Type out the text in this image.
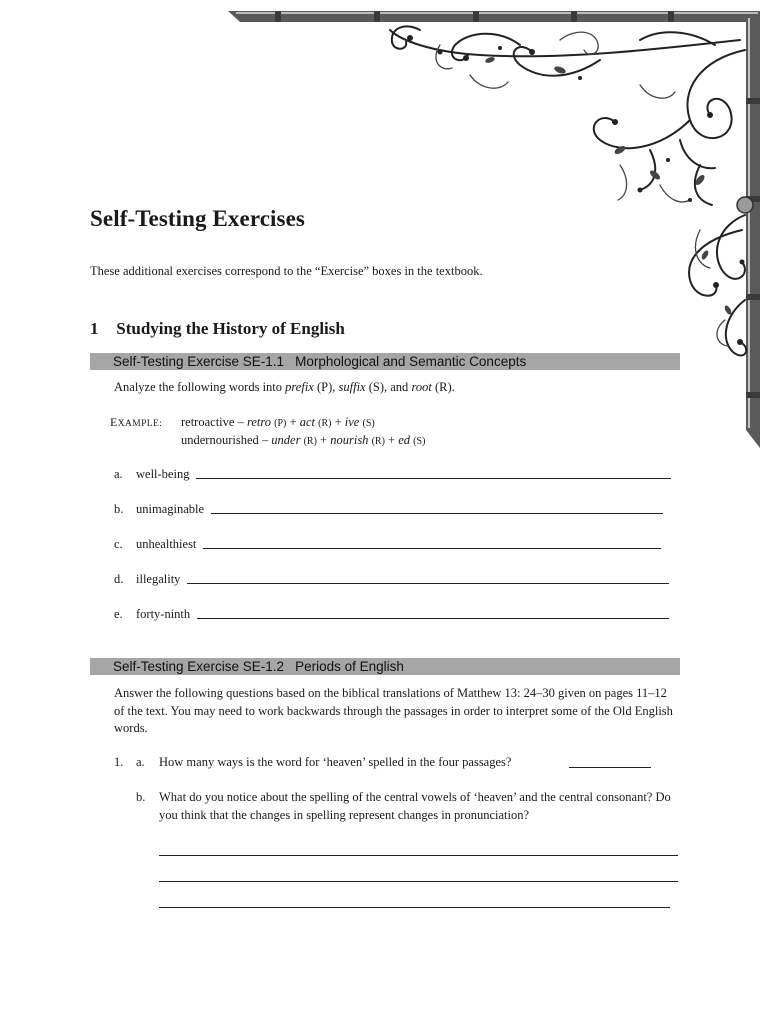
Self-Testing Exercises

These additional exercises correspond to the “Exercise” boxes in the textbook.

1 Studying the History of English
Self-Testing Exercise SE-1.1 Morphological and Semantic Concepts

Analyze the following words into prefix (P), suffix (S), and root (R).

EXAMPLE: retroactive – retro (P) + act (R) + ive (S)
undernourished – under (R) + nourish (R) + ed (S)
a.	well-being
b.	unimaginable
c.	unhealthiest
d.	illegality
e.	forty-ninth
Self-Testing Exercise SE-1.2 Periods of English

Answer the following questions based on the biblical translations of Matthew 13: 24–30 given on pages 11–12 of the text. You may need to work backwards through the passages in order to interpret some of the Old English words.

1. a. How many ways is the word for ‘heaven’ spelled in the four passages?
b. What do you notice about the spelling of the central vowels of ‘heaven’ and the central consonant? Do you think that the changes in spelling represent changes in pronunciation?
